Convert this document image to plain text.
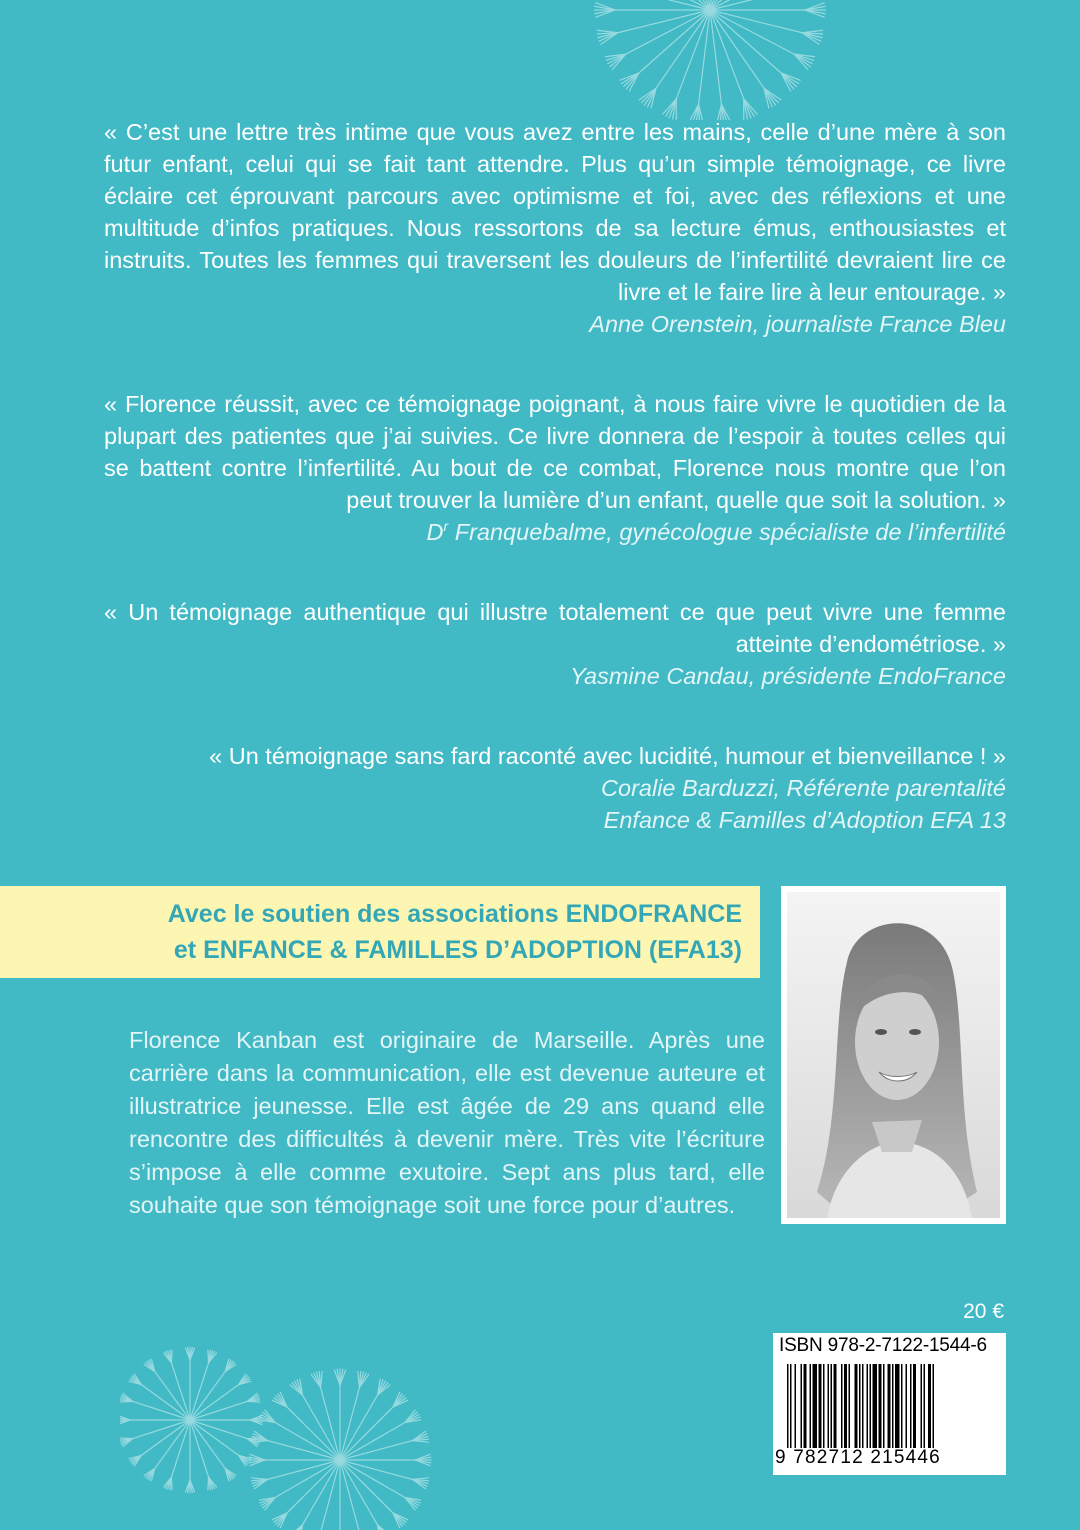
« C’est une lettre très intime que vous avez entre les mains, celle d’une mère à son futur enfant, celui qui se fait tant attendre. Plus qu’un simple témoignage, ce livre éclaire cet éprouvant parcours avec optimisme et foi, avec des réflexions et une multitude d’infos pratiques. Nous ressortons de sa lecture émus, enthousiastes et instruits. Toutes les femmes qui traversent les douleurs de l’infertilité devraient lire ce livre et le faire lire à leur entourage. »

Anne Orenstein, journaliste France Bleu

« Florence réussit, avec ce témoignage poignant, à nous faire vivre le quotidien de la plupart des patientes que j’ai suivies. Ce livre donnera de l’espoir à toutes celles qui se battent contre l’infertilité. Au bout de ce combat, Florence nous montre que l’on peut trouver la lumière d’un enfant, quelle que soit la solution. »

$D^r$ Franquebalme, gynécologue spécialiste de l’infertilité

« Un témoignage authentique qui illustre totalement ce que peut vivre une femme atteinte d’endométriose. »

Yasmine Candau, présidente EndoFrance

« Un témoignage sans fard raconté avec lucidité, humour et bienveillance ! »

Coralie Barduzzi, Référente parentalité

Enfance & Familles d’Adoption EFA 13

Avec le soutien des associations ENDOFRANCE
et ENFANCE & FAMILLES D’ADOPTION (EFA13)

Florence Kanban est originaire de Marseille. Après une carrière dans la communication, elle est devenue auteure et illustratrice jeunesse. Elle est âgée de 29 ans quand elle rencontre des difficultés à devenir mère. Très vite l’écriture s’impose à elle comme exutoire. Sept ans plus tard, elle souhaite que son témoignage soit une force pour d’autres.

20 €
ISBN 978-2-7122-1544-6
9 782712 215446
